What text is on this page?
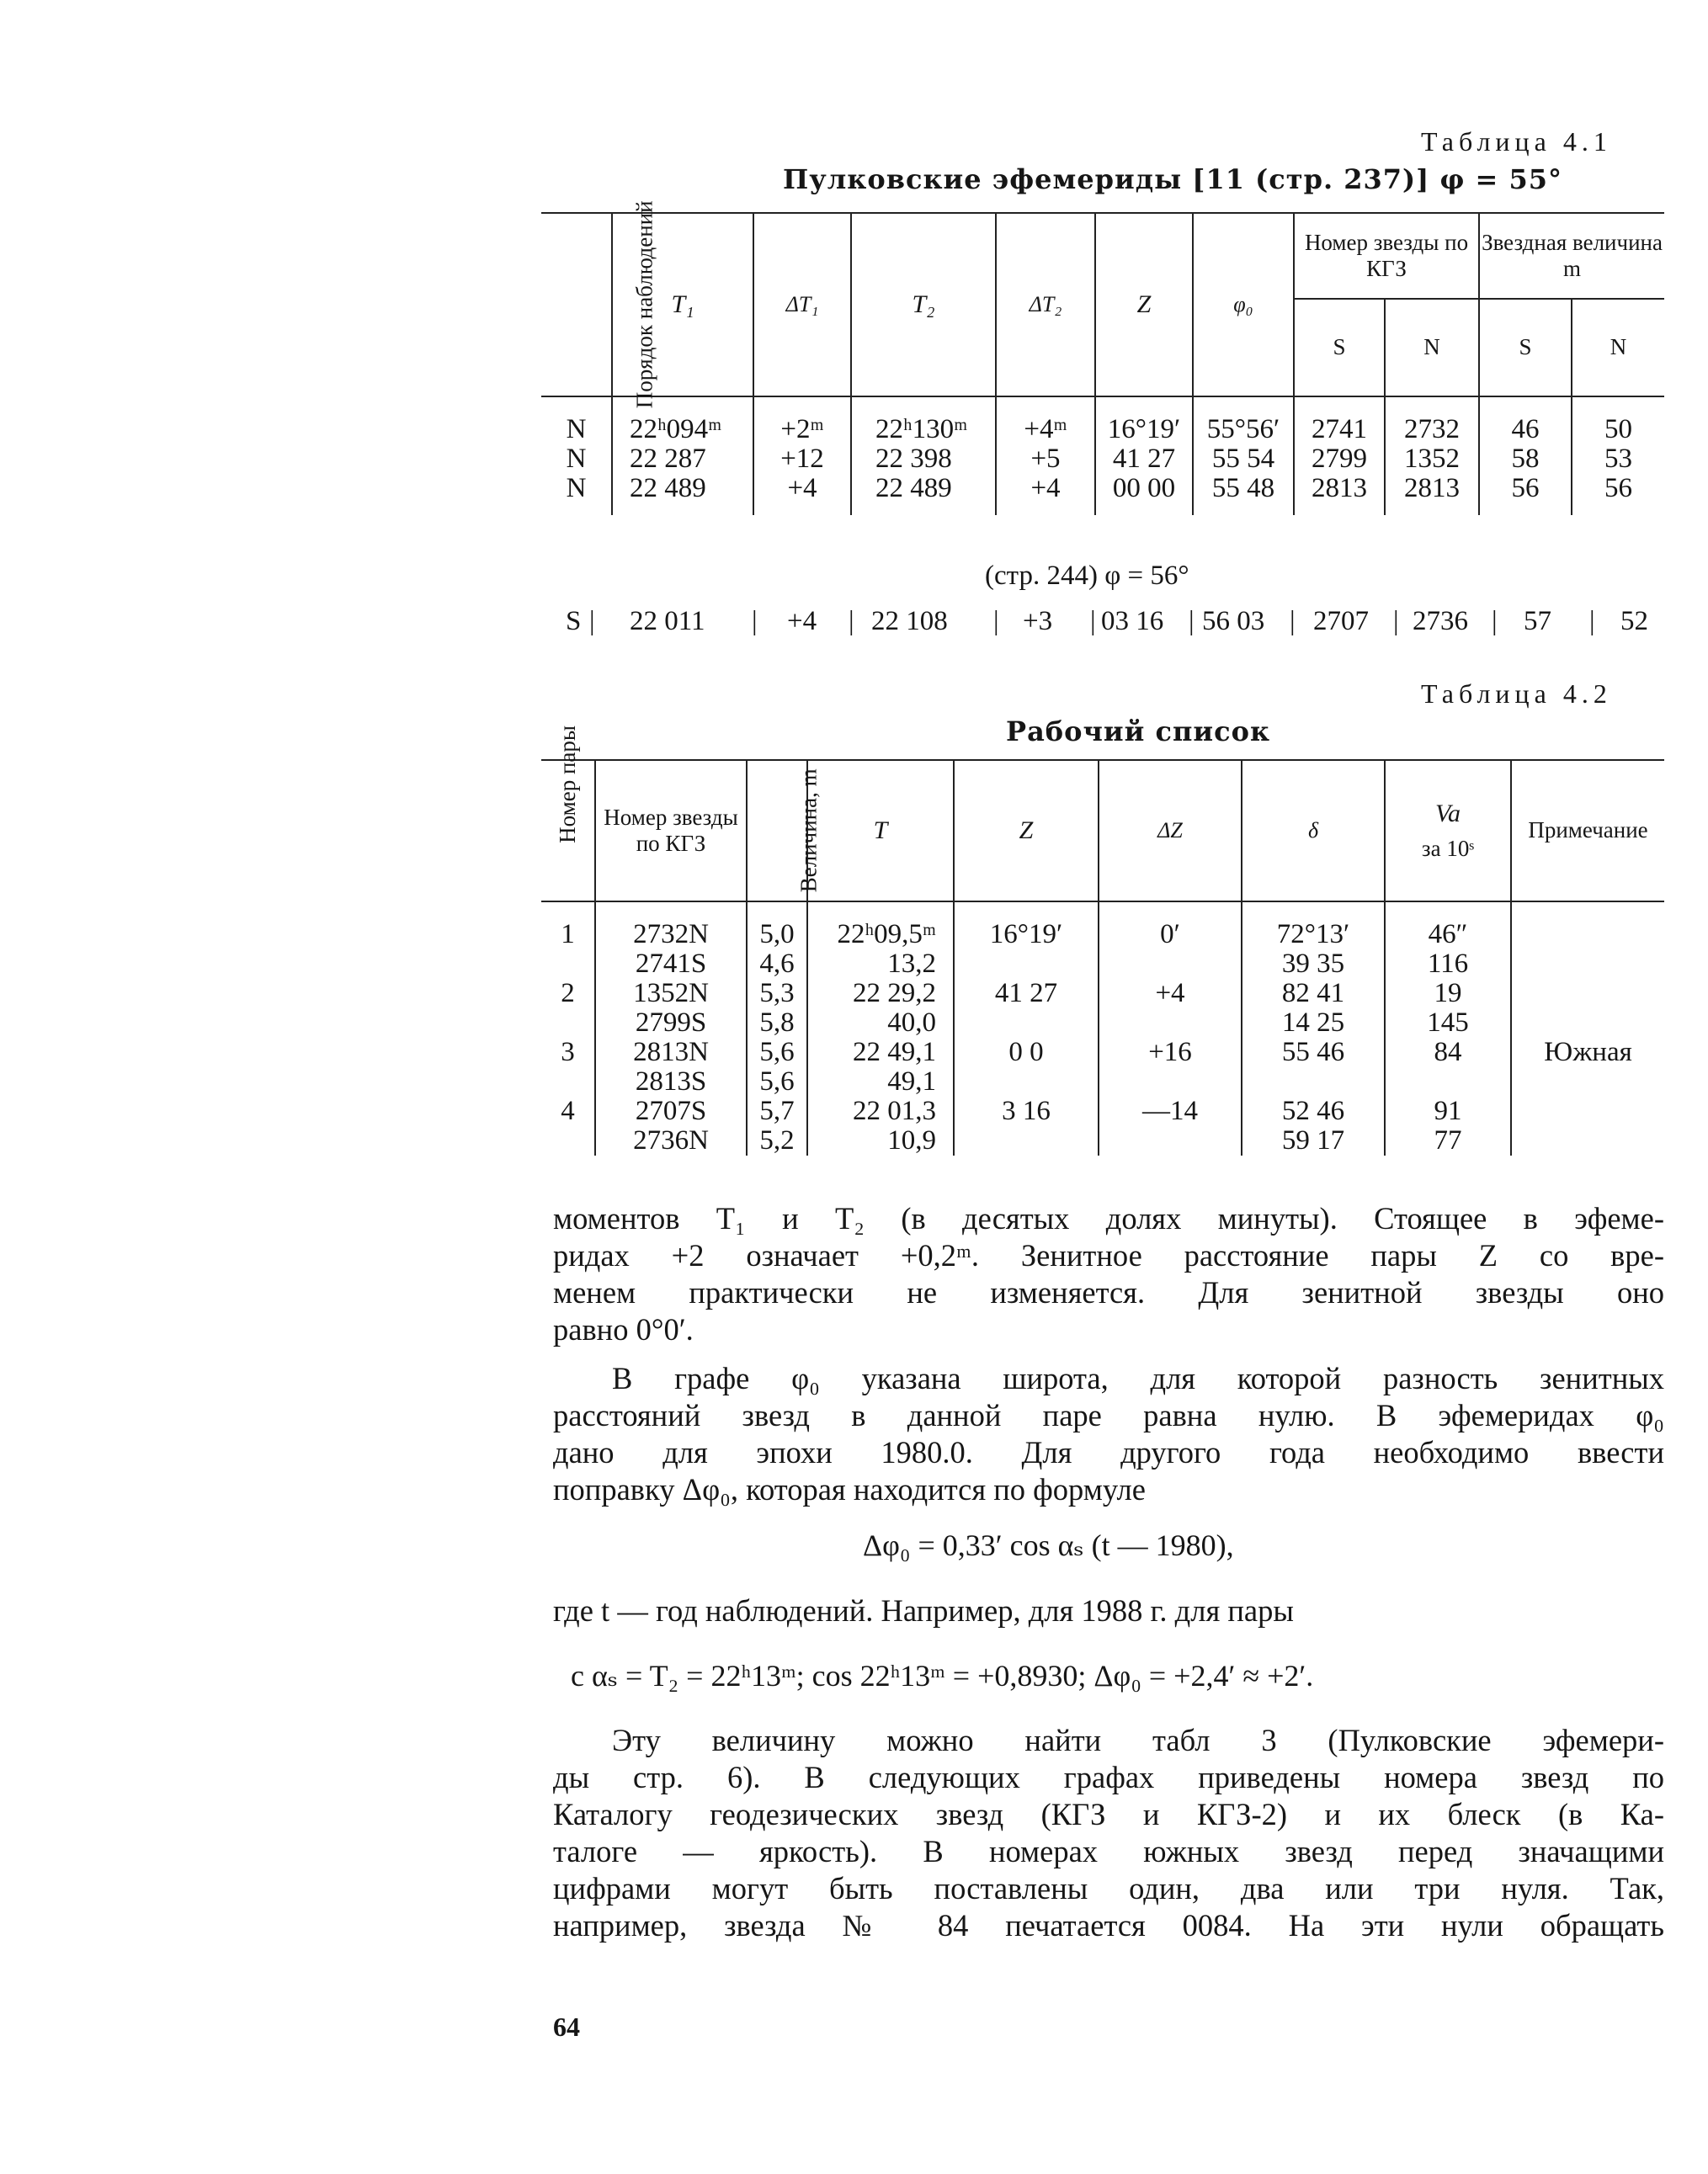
Таблица 4.1
Пулковские эфемериды [11 (стр. 237)] φ = 55°
Порядок наблюдений	T₁	ΔT₁	T₂	ΔT₂	Z	φ₀	Номер звезды по КГЗ		Звездная величина m	
							S	N	S	N

N	22ʰ094ᵐ	+2ᵐ	22ʰ130ᵐ	+4ᵐ	16°19′	55°56′	2741	2732	46	50
N	22 287	+12	22 398	+5	41 27	55 54	2799	1352	58	53
N	22 489	+4	22 489	+4	00 00	55 48	2813	2813	56	56

(стр. 244) φ = 56°
S | 22 011 | +4 | 22 108 | +3 | 03 16 | 56 03 | 2707 | 2736 | 57 | 52
Таблица 4.2
Рабочий список
Номер пары	Номер звезды по КГЗ	Величина, m	T	Z	ΔZ	δ	Va
за 10ˢ	Примечание

1	2732N	5,0	22ʰ09,5ᵐ	16°19′	0′	72°13′	46″	
	2741S	4,6	13,2			39 35	116	
2	1352N	5,3	22 29,2	41 27	+4	82 41	19	
	2799S	5,8	40,0			14 25	145	
3	2813N	5,6	22 49,1	0 0	+16	55 46	84	Южная
	2813S	5,6	49,1					
4	2707S	5,7	22 01,3	3 16	—14	52 46	91	
	2736N	5,2	10,9			59 17	77	
моментов T₁ и T₂ (в десятых долях минуты). Стоящее в эфеме-
ридах +2 означает +0,2ᵐ. Зенитное расстояние пары Z со вре-
менем практически не изменяется. Для зенитной звезды оно
равно 0°0′.
В графе φ₀ указана широта, для которой разность зенитных
расстояний звезд в данной паре равна нулю. В эфемеридах φ₀
дано для эпохи 1980.0. Для другого года необходимо ввести
поправку Δφ₀, которая находится по формуле
Δφ₀ = 0,33′ cos αₛ (t — 1980),
где t — год наблюдений. Например, для 1988 г. для пары
с αₛ = T₂ = 22ʰ13ᵐ; cos 22ʰ13ᵐ = +0,8930; Δφ₀ = +2,4′ ≈ +2′.
Эту величину можно найти табл 3 (Пулковские эфемери-
ды стр. 6). В следующих графах приведены номера звезд по
Каталогу геодезических звезд (КГЗ и КГЗ-2) и их блеск (в Ка-
талоге — яркость). В номерах южных звезд перед значащими
цифрами могут быть поставлены один, два или три нуля. Так,
например, звезда № 84 печатается 0084. На эти нули обращать
64
